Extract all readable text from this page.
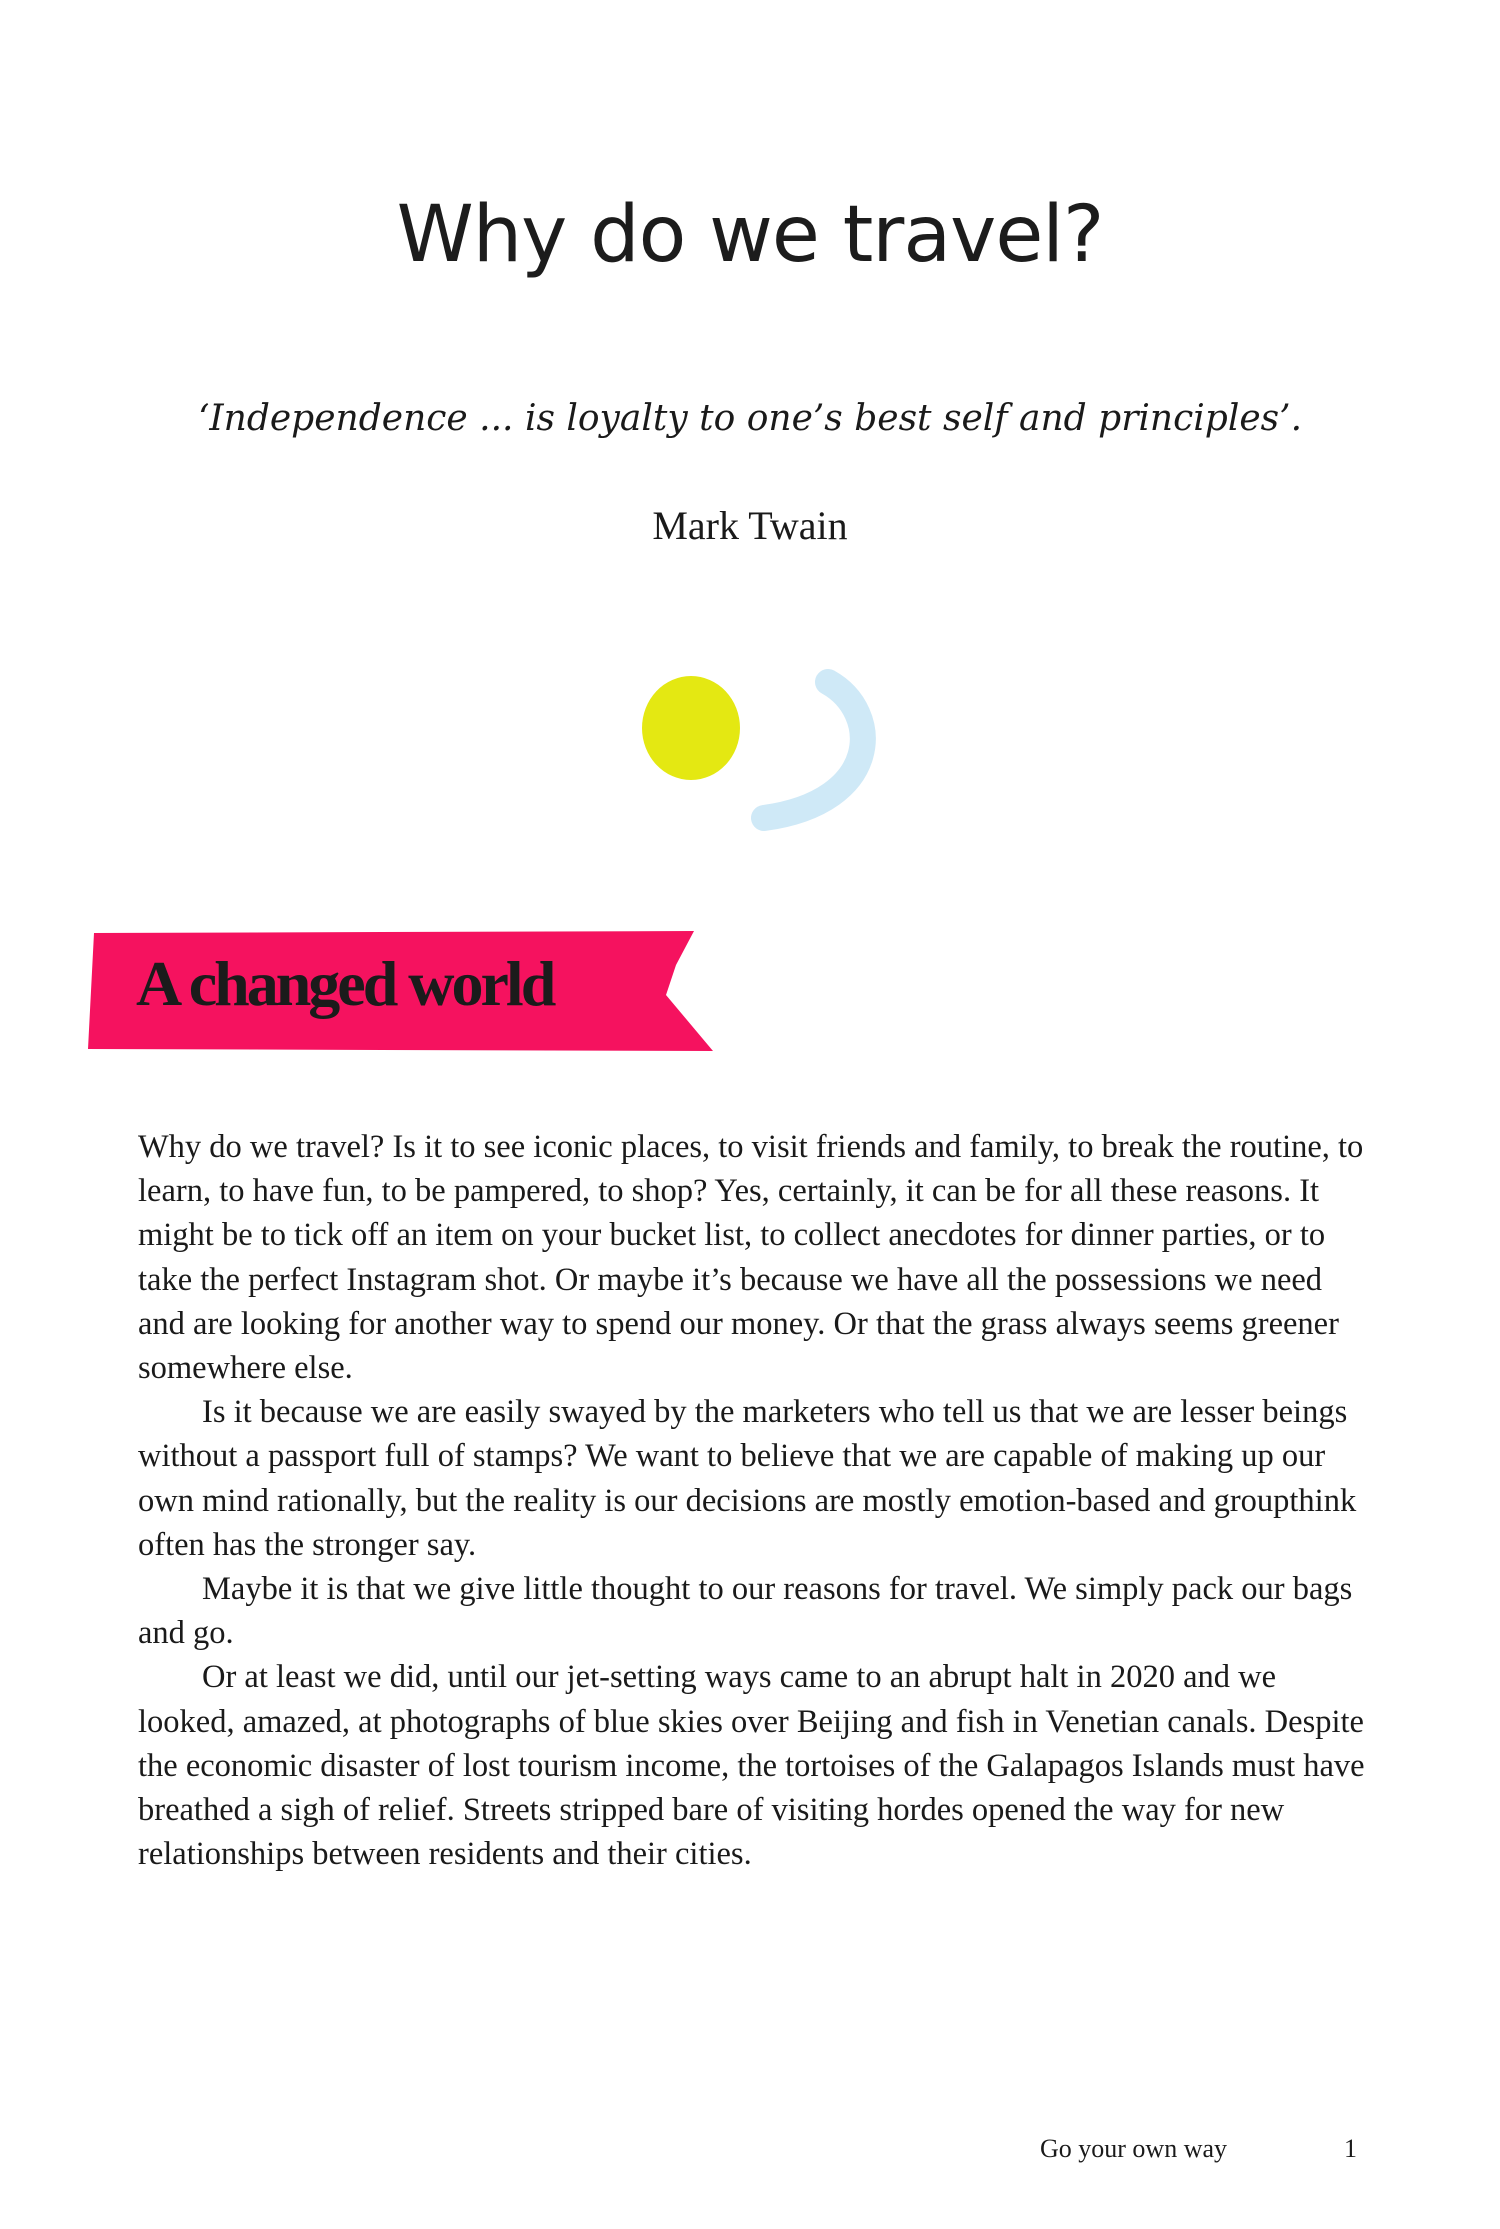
Why do we travel?
‘Independence ... is loyalty to one’s best self and principles’.
Mark Twain
A changed world

Why do we travel? Is it to see iconic places, to visit friends and family, to break the routine, to learn, to have fun, to be pampered, to shop? Yes, certainly, it can be for all these reasons. It might be to tick off an item on your bucket list, to collect anecdotes for dinner parties, or to take the perfect Instagram shot. Or maybe it’s because we have all the possessions we need and are looking for another way to spend our money. Or that the grass always seems greener somewhere else.

Is it because we are easily swayed by the marketers who tell us that we are lesser beings without a passport full of stamps? We want to believe that we are capable of making up our own mind rationally, but the reality is our decisions are mostly emotion-based and groupthink often has the stronger say.

Maybe it is that we give little thought to our reasons for travel. We simply pack our bags and go.

Or at least we did, until our jet-setting ways came to an abrupt halt in 2020 and we looked, amazed, at photographs of blue skies over Beijing and fish in Venetian canals. Despite the economic disaster of lost tourism income, the tortoises of the Galapagos Islands must have breathed a sigh of relief. Streets stripped bare of visiting hordes opened the way for new relationships between residents and their cities.

Go your own way	1
